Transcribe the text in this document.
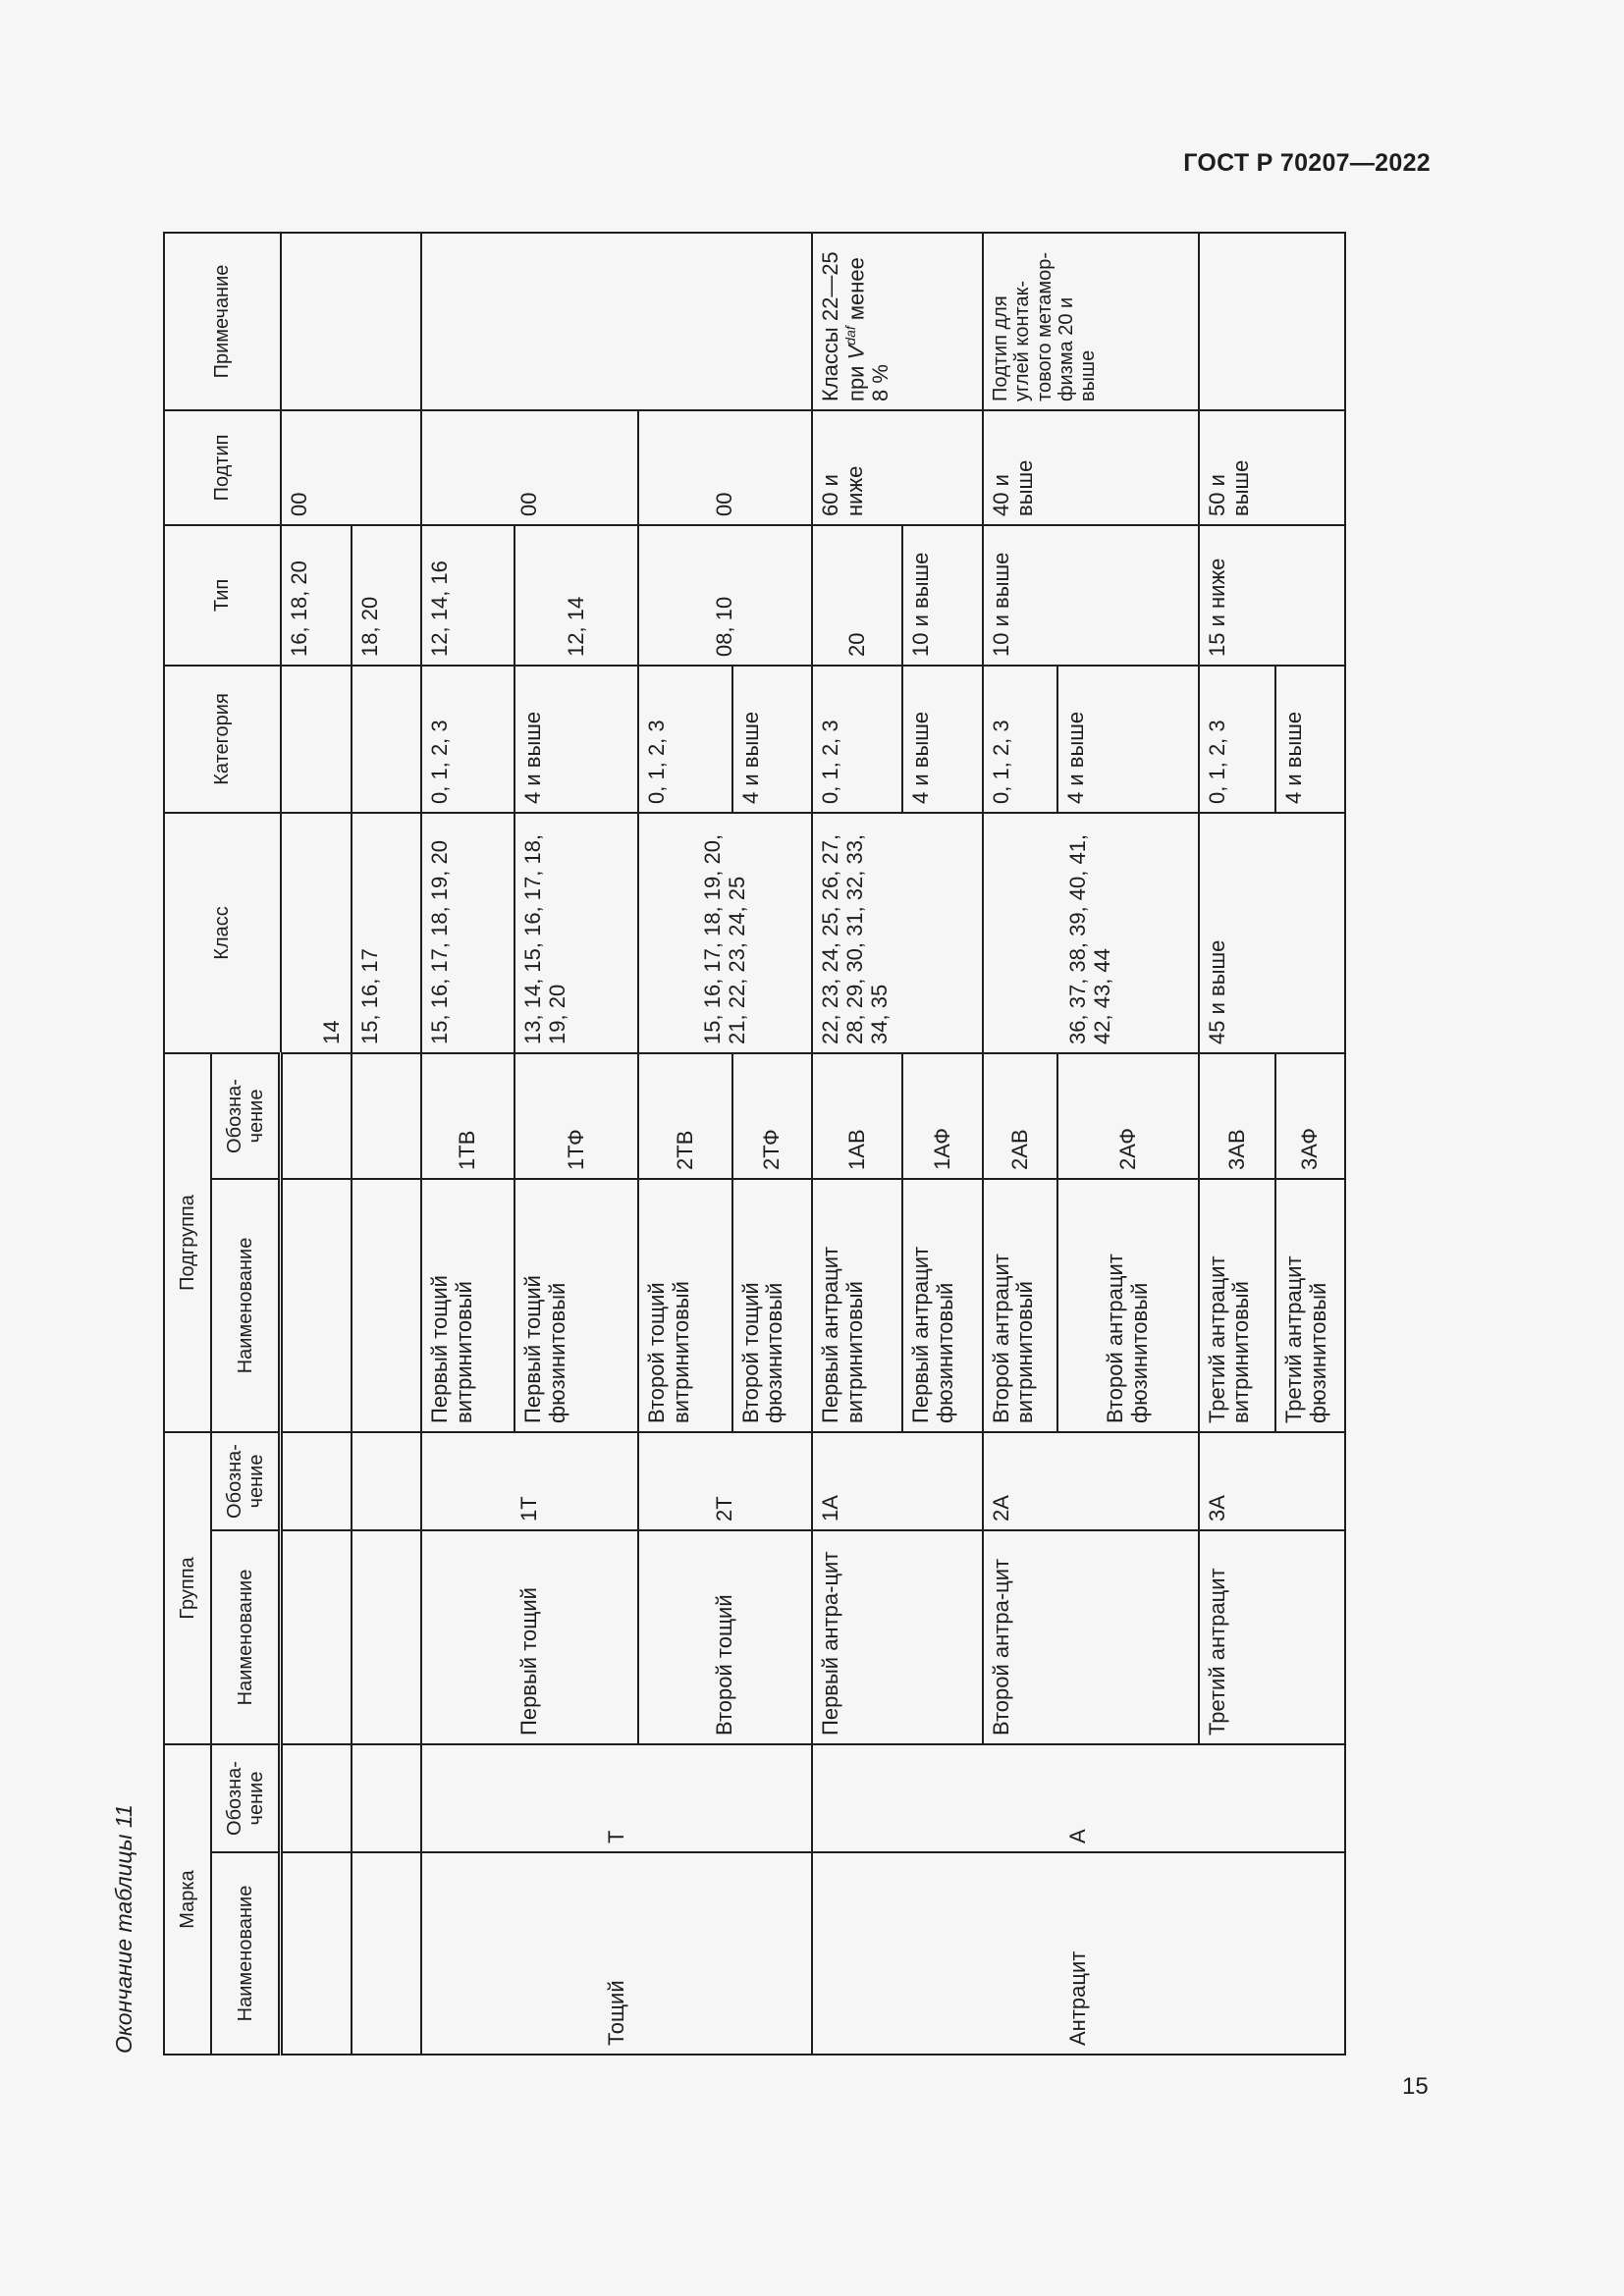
ГОСТ Р 70207—2022
Окончание таблицы 11
15
Марка		Группа		Подгруппа		Класс	Категория	Тип	Подтип	Примечание
Наименование	Обозна-
чение	Наименование	Обозна-
чение	Наименование	Обозна-
чение					
						14		16, 18, 20	00	
						15, 16, 17		18, 20		
Тощий	Т	Первый тощий	1Т	Первый тощий витринитовый	1ТВ	15, 16, 17, 18, 19, 20	0, 1, 2, 3	12, 14, 16	00	
				Первый тощий фюзинитовый	1ТФ	13, 14, 15, 16, 17, 18, 19, 20	4 и выше	12, 14		
		Второй тощий	2Т	Второй тощий витринитовый	2ТВ	15, 16, 17, 18, 19, 20, 21, 22, 23, 24, 25	0, 1, 2, 3	08, 10	00	
				Второй тощий фюзинитовый	2ТФ		4 и выше			
Антрацит	А	Первый антра-цит	1А	Первый антрацит витринитовый	1АВ	22, 23, 24, 25, 26, 27, 28, 29, 30, 31, 32, 33, 34, 35	0, 1, 2, 3	20	60 и ниже	Классы 22—25 при $V^{daf}$ менее 8 %
				Первый антрацит фюзинитовый	1АФ		4 и выше	10 и выше		
		Второй антра-цит	2А	Второй антрацит витринитовый	2АВ	36, 37, 38, 39, 40, 41, 42, 43, 44	0, 1, 2, 3	10 и выше	40 и выше	Подтип для углей контак-тового метамор-физма 20 и выше
				Второй антрацит фюзинитовый	2АФ		4 и выше			
		Третий антрацит	3А	Третий антрацит витринитовый	3АВ	45 и выше	0, 1, 2, 3	15 и ниже	50 и выше	
				Третий антрацит фюзинитовый	3АФ		4 и выше			
